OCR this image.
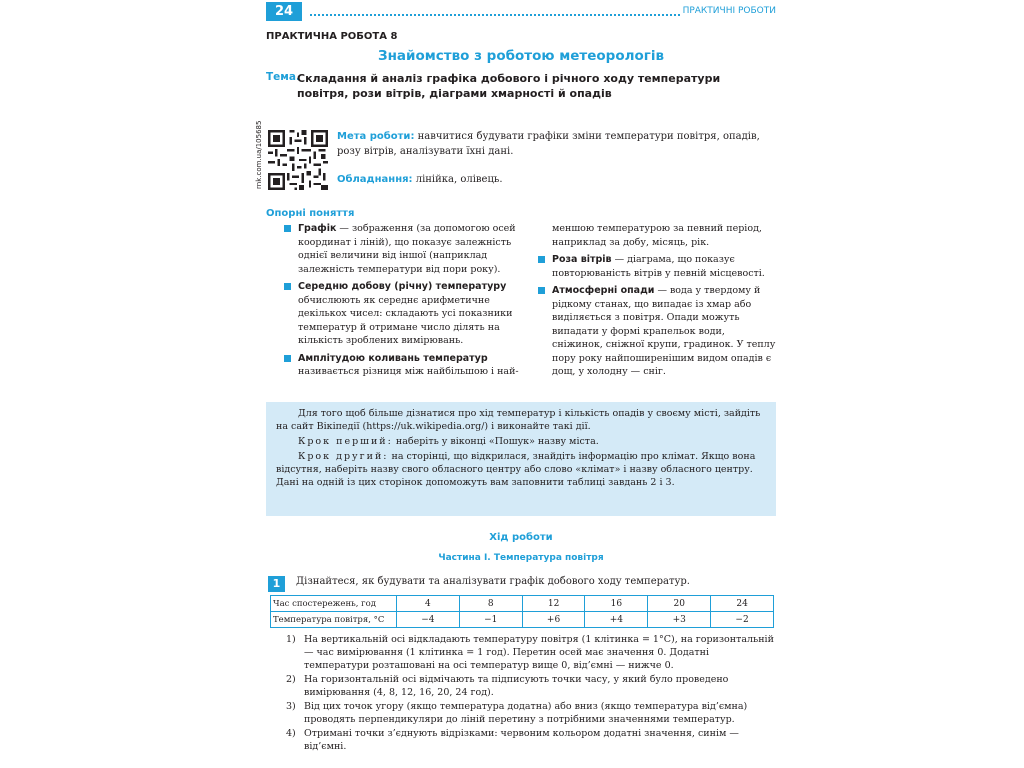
24	ПРАКТИЧНІ РОБОТИ
ПРАКТИЧНА РОБОТА 8
Знайомство з роботою метеорологів
Тема.
Складання й аналіз графіка добового і річного ходу температури повітря, рози вітрів, діаграми хмарності й опадів
rnk.com.ua/105685	Мета роботи: навчитися будувати графіки зміни температури повітря, опадів, розу вітрів, аналізувати їхні дані.
Обладнання: лінійка, олівець.
Опорні поняття
Графік — зображення (за допомогою осей координат і ліній), що показує залежність однієї величини від іншої (наприклад залежність температури від пори року).
Середню добову (річну) температуру обчислюють як середнє арифметичне декількох чисел: складають усі показники температур й отримане число ділять на кількість зроблених вимірювань.
Амплітудою коливань температур називається різниця між найбільшою і най-
меншою температурою за певний період, наприклад за добу, місяць, рік.
Роза вітрів — діаграма, що показує повторюваність вітрів у певній місцевості.
Атмосферні опади — вода у твердому й рідкому станах, що випадає із хмар або виділяється з повітря. Опади можуть випадати у формі крапельок води, сніжинок, сніжної крупи, градинок. У теплу пору року найпоширенішим видом опадів є дощ, у холодну — сніг.

Для того щоб більше дізнатися про хід температур і кількість опадів у своєму місті, зайдіть на сайт Вікіпедії (https://uk.wikipedia.org/) і виконайте такі дії.

Крок перший: наберіть у віконці «Пошук» назву міста.

Крок другий: на сторінці, що відкрилася, знайдіть інформацію про клімат. Якщо вона відсутня, наберіть назву свого обласного центру або слово «клімат» і назву обласного центру. Дані на одній із цих сторінок допоможуть вам заповнити таблиці завдань 2 і 3.

Хід роботи
Частина I. Температура повітря
1	Дізнайтеся, як будувати та аналізувати графік добового ходу температур.
Час спостережень, год	4	8	12	16	20	24
Температура повітря, °С	−4	−1	+6	+4	+3	−2
1) На вертикальній осі відкладають температуру повітря (1 клітинка = 1°С), на горизонтальній — час вимірювання (1 клітинка = 1 год). Перетин осей має значення 0. Додатні температури розташовані на осі температур вище 0, від’ємні — нижче 0.
2) На горизонтальній осі відмічають та підписують точки часу, у який було проведено вимірювання (4, 8, 12, 16, 20, 24 год).
3) Від цих точок угору (якщо температура додатна) або вниз (якщо температура від’ємна) проводять перпендикуляри до ліній перетину з потрібними значеннями температур.
4) Отримані точки з’єднують відрізками: червоним кольором додатні значення, синім — від’ємні.
